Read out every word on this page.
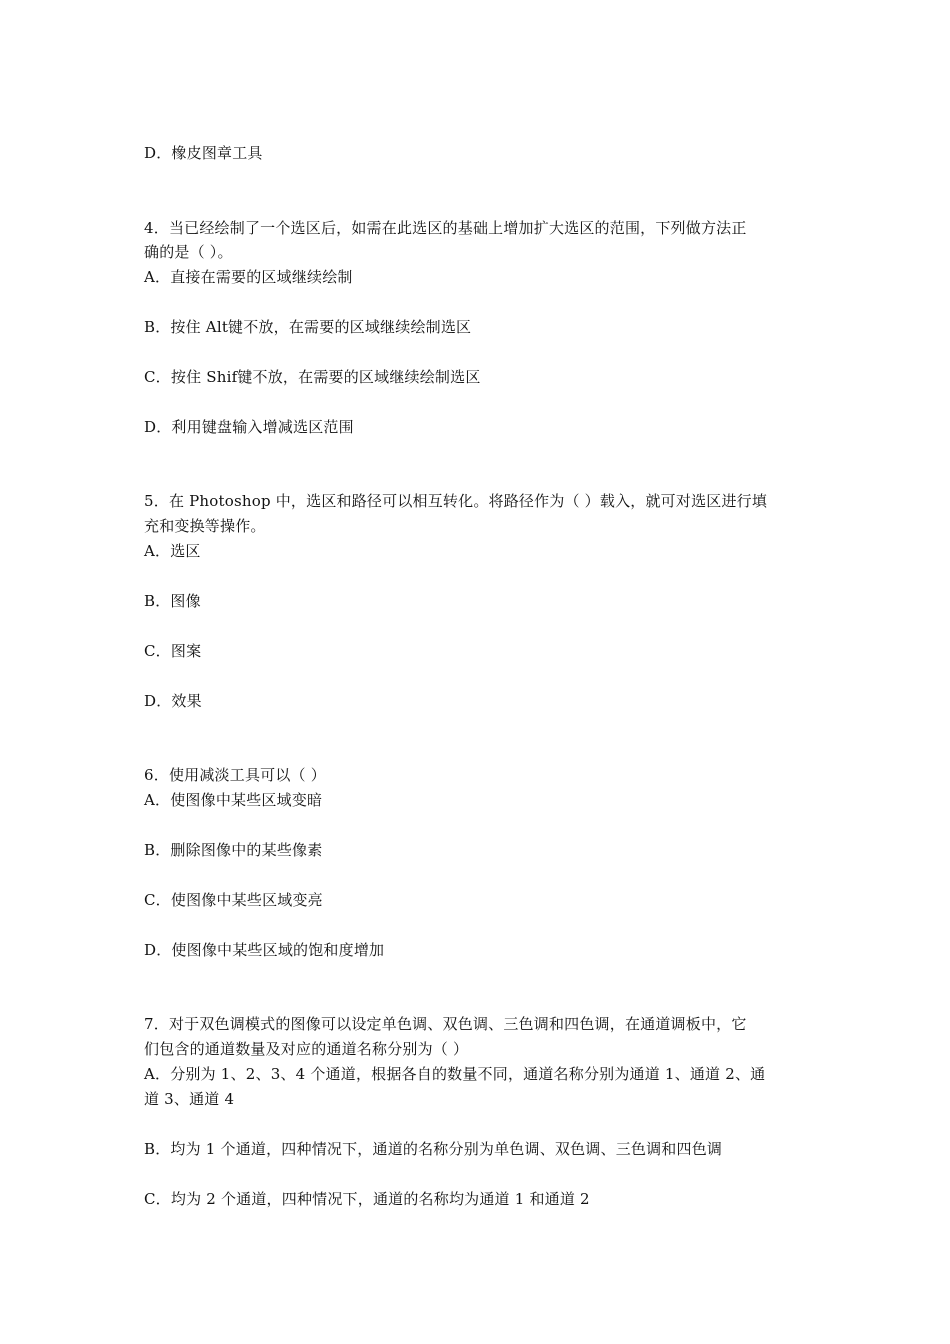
D．橡皮图章工具
4．当已经绘制了一个选区后，如需在此选区的基础上增加扩大选区的范围，下列做方法正
确的是（ ）。
A．直接在需要的区域继续绘制
B．按住 Alt键不放，在需要的区域继续绘制选区
C．按住 Shif键不放，在需要的区域继续绘制选区
D．利用键盘输入增减选区范围
5．在 Photoshop 中，选区和路径可以相互转化。将路径作为（ ）载入，就可对选区进行填
充和变换等操作。
A．选区
B．图像
C．图案
D．效果
6．使用减淡工具可以（ ）
A．使图像中某些区域变暗
B．删除图像中的某些像素
C．使图像中某些区域变亮
D．使图像中某些区域的饱和度增加
7．对于双色调模式的图像可以设定单色调、双色调、三色调和四色调，在通道调板中，它
们包含的通道数量及对应的通道名称分别为（ ）
A．分别为 1、2、3、4 个通道，根据各自的数量不同，通道名称分别为通道 1、通道 2、通
道 3、通道 4
B．均为 1 个通道，四种情况下，通道的名称分别为单色调、双色调、三色调和四色调
C．均为 2 个通道，四种情况下，通道的名称均为通道 1 和通道 2
